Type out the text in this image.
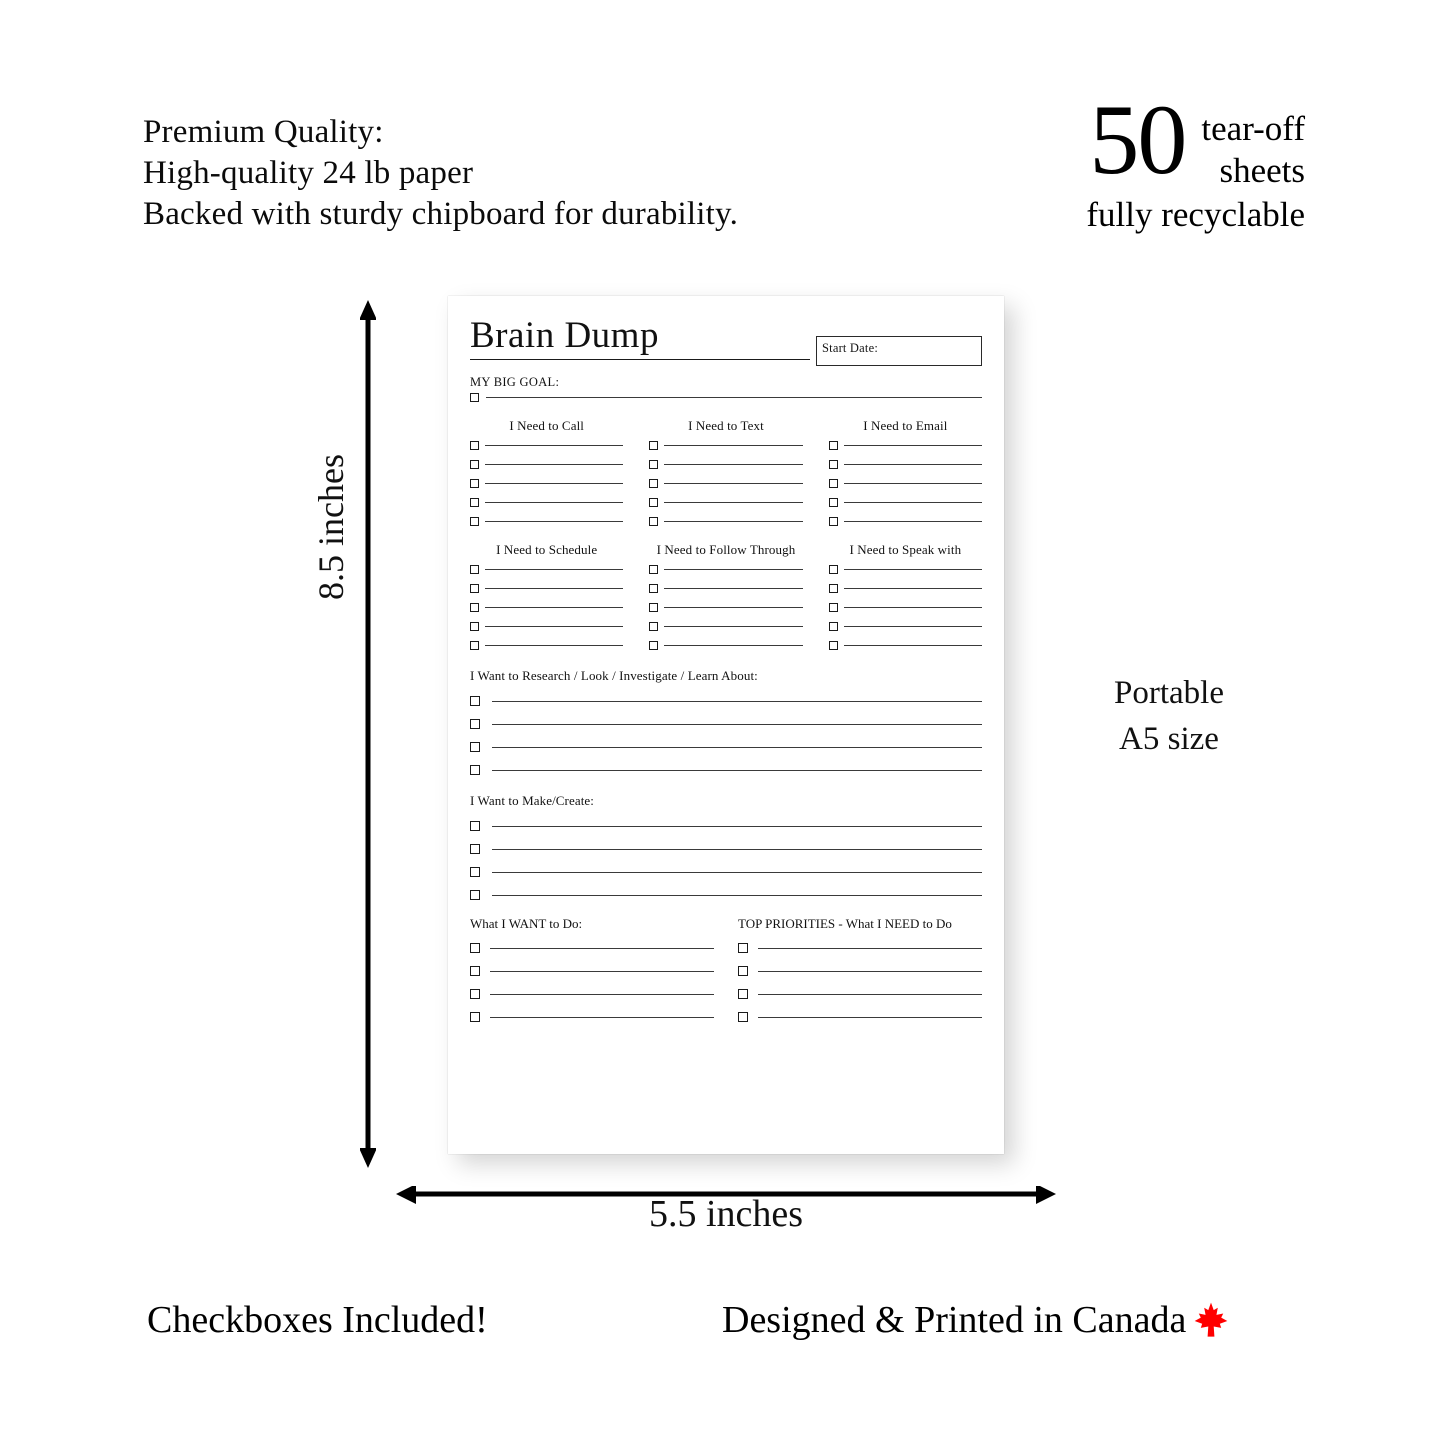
Premium Quality:
High-quality 24 lb paper
Backed with sturdy chipboard for durability.
50 tear-off
sheets
fully recyclable
Portable
A5 size
8.5 inches
5.5 inches
Brain Dump	Start Date:
MY BIG GOAL:
I Need to Call	I Need to Text	I Need to Email
I Need to Schedule	I Need to Follow Through	I Need to Speak with
I Want to Research / Look / Investigate / Learn About:
I Want to Make/Create:
What I WANT to Do:	TOP PRIORITIES - What I NEED to Do
Checkboxes Included!	Designed & Printed in Canada
